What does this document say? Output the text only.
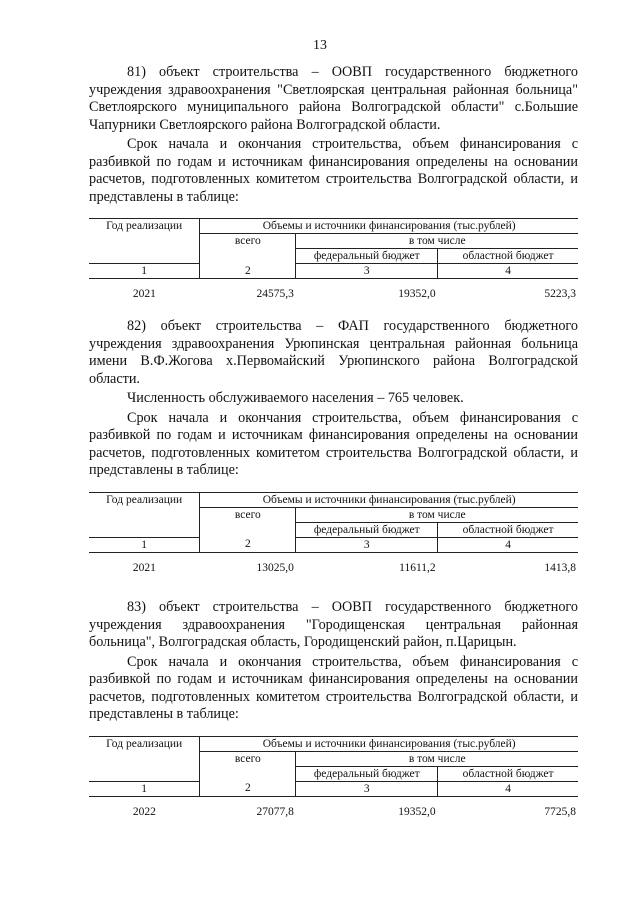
13

81) объект строительства – ООВП государственного бюджетного учреждения здравоохранения "Светлоярская центральная районная больница" Светлоярского муниципального района Волгоградской области" с.Большие Чапурники Светлоярского района Волгоградской области.

Срок начала и окончания строительства, объем финансирования с разбивкой по годам и источникам финансирования определены на основании расчетов, подготовленных комитетом строительства Волгоградской области, и представлены в таблице:

Год реализации	Объемы и источники финансирования (тыс.рублей)		
	всего	в том числе	
		федеральный бюджет	областной бюджет
1	2	3	4
2021	24575,3	19352,0	5223,3

82) объект строительства – ФАП государственного бюджетного учреждения здравоохранения Урюпинская центральная районная больница имени В.Ф.Жогова х.Первомайский Урюпинского района Волгоградской области.

Численность обслуживаемого населения – 765 человек.

Срок начала и окончания строительства, объем финансирования с разбивкой по годам и источникам финансирования определены на основании расчетов, подготовленных комитетом строительства Волгоградской области, и представлены в таблице:

Год реализации	Объемы и источники финансирования (тыс.рублей)		
	всего	в том числе	
		федеральный бюджет	областной бюджет
1	2	3	4
2021	13025,0	11611,2	1413,8

83) объект строительства – ООВП государственного бюджетного учреждения здравоохранения "Городищенская центральная районная больница", Волгоградская область, Городищенский район, п.Царицын.

Срок начала и окончания строительства, объем финансирования с разбивкой по годам и источникам финансирования определены на основании расчетов, подготовленных комитетом строительства Волгоградской области, и представлены в таблице:

Год реализации	Объемы и источники финансирования (тыс.рублей)		
	всего	в том числе	
		федеральный бюджет	областной бюджет
1	2	3	4
2022	27077,8	19352,0	7725,8
